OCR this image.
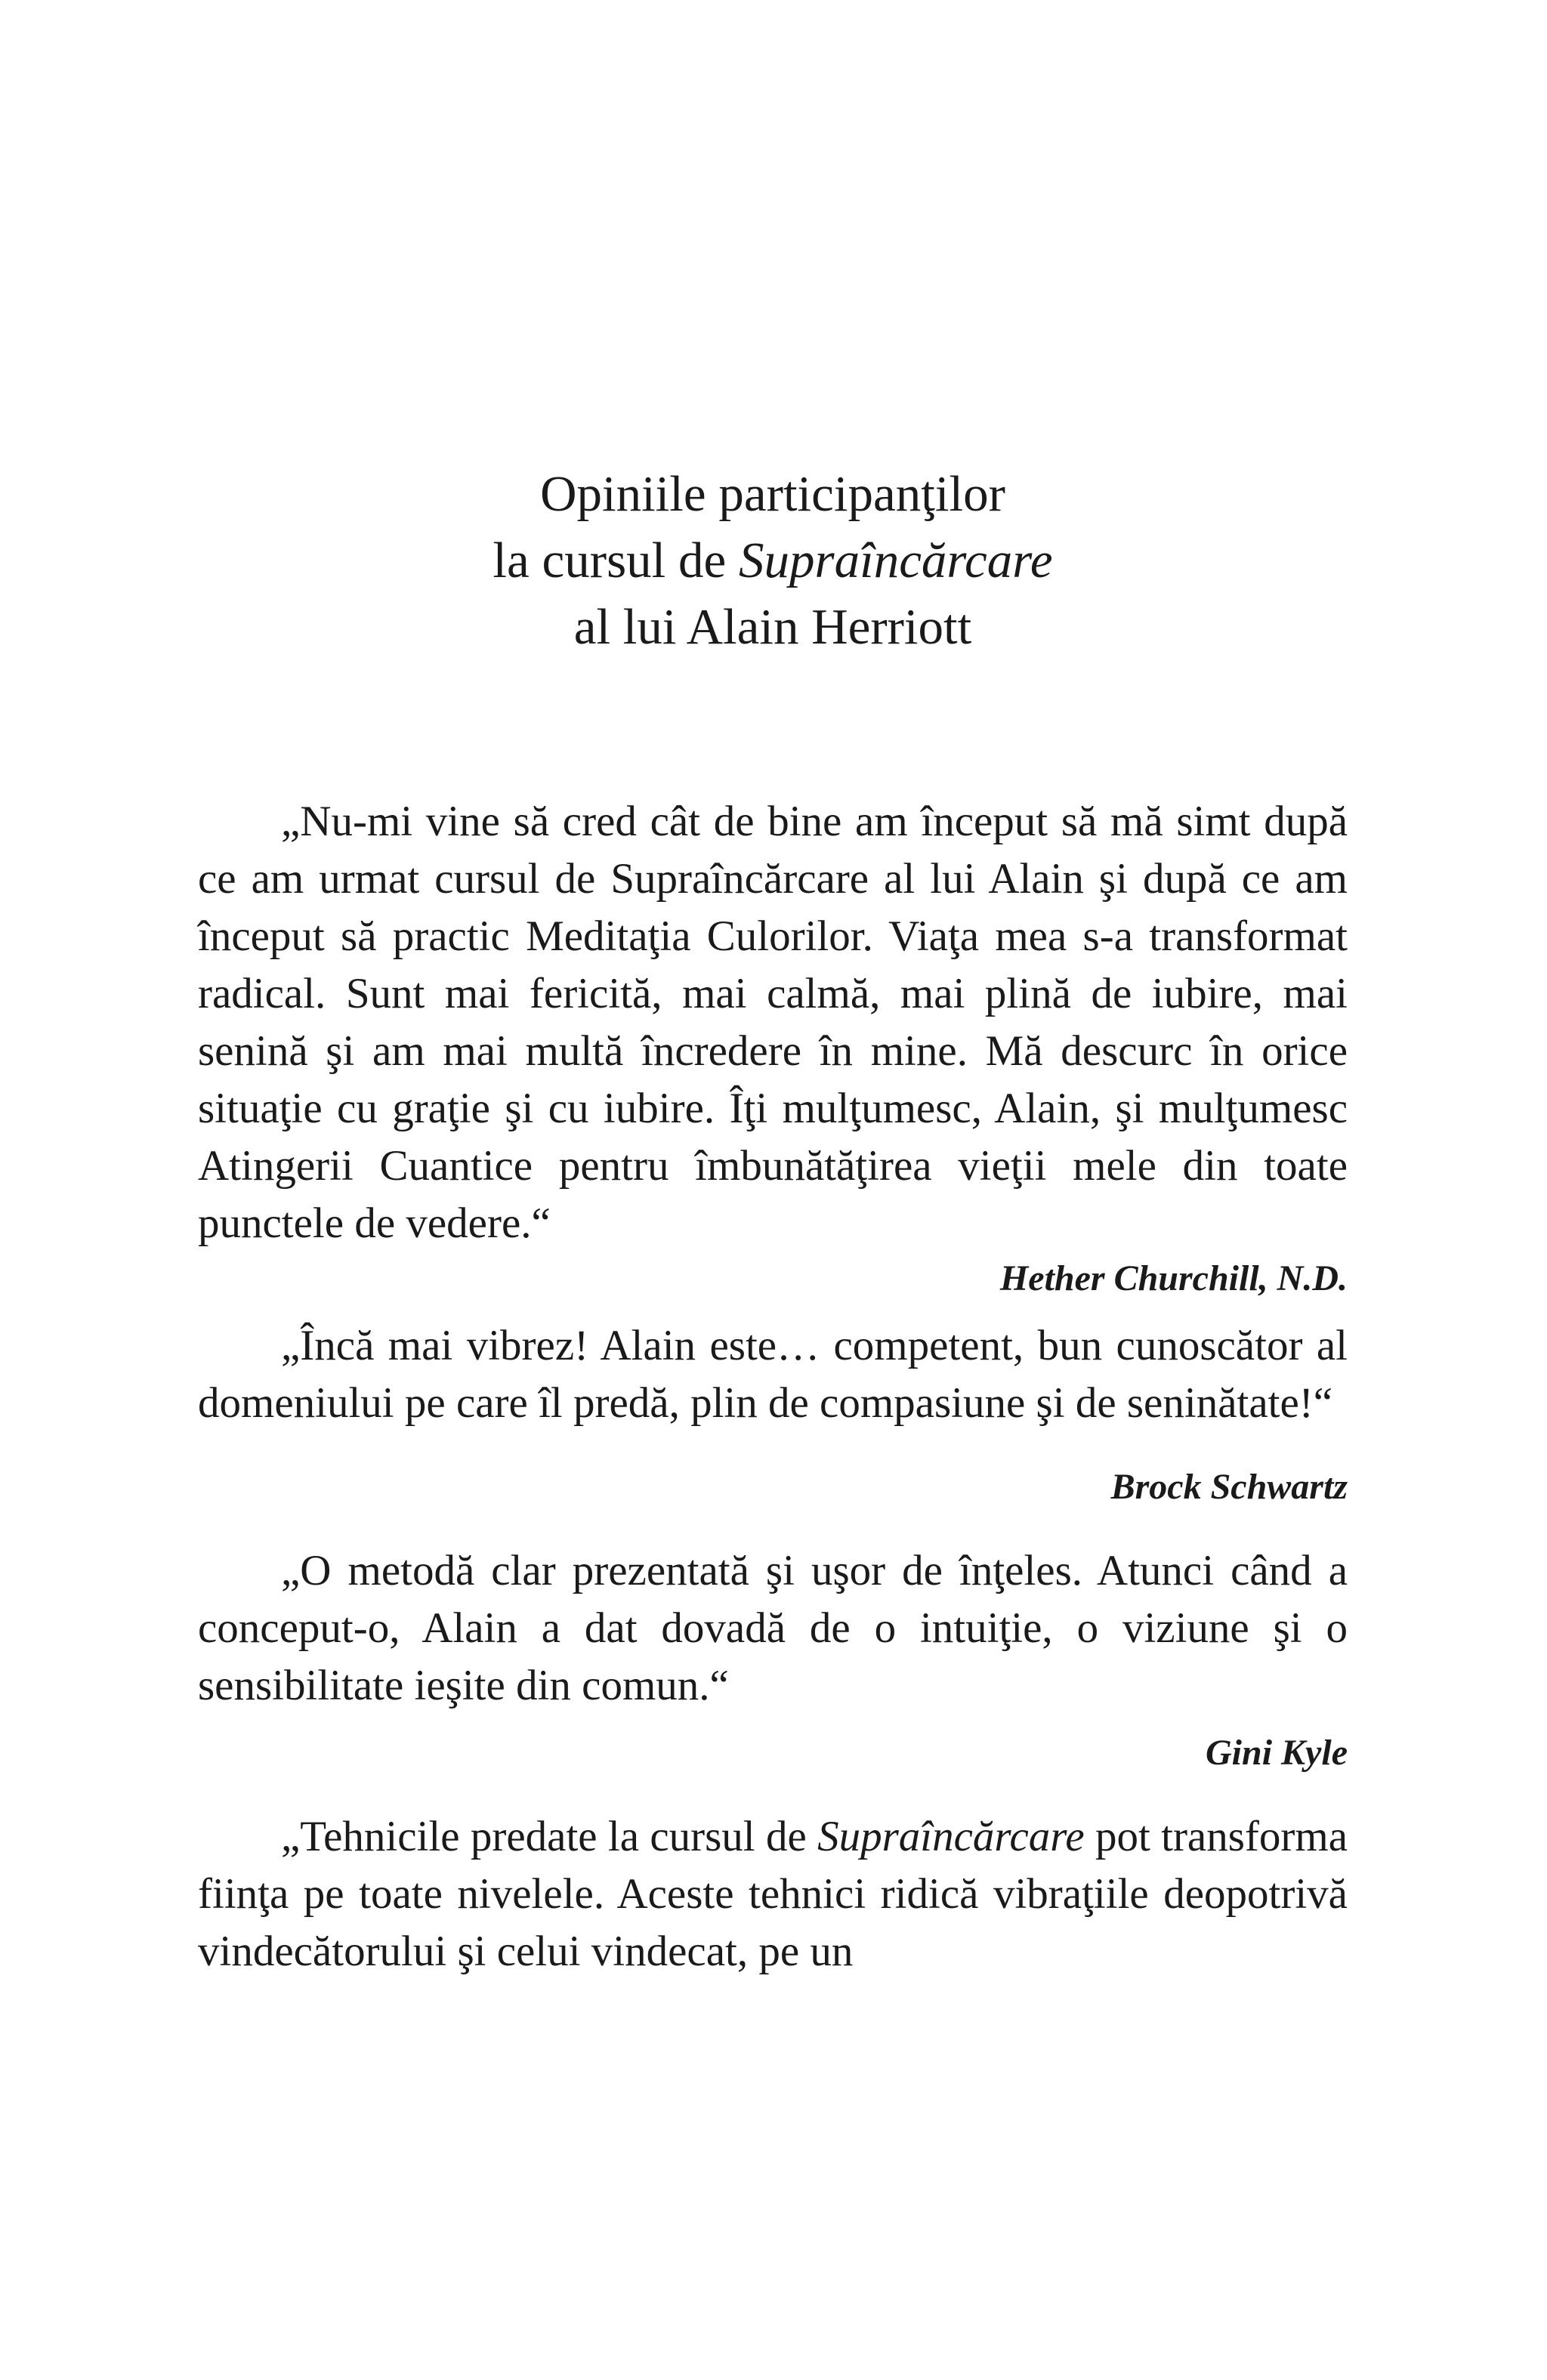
Opiniile participanţilor
la cursul de Supraîncărcare
al lui Alain Herriott

„Nu-mi vine să cred cât de bine am început să mă simt după ce am urmat cursul de Supraîncărcare al lui Alain şi după ce am început să practic Meditaţia Culorilor. Viaţa mea s-a transformat radical. Sunt mai fericită, mai calmă, mai plină de iubire, mai senină şi am mai multă încredere în mine. Mă descurc în orice situaţie cu graţie şi cu iubire. Îţi mulţumesc, Alain, şi mulţumesc Atingerii Cuantice pentru îmbunătăţirea vieţii mele din toate punctele de vedere.“

Hether Churchill, N.D.

„Încă mai vibrez! Alain este… competent, bun cunoscător al domeniului pe care îl predă, plin de compasiune şi de seninătate!“

Brock Schwartz

„O metodă clar prezentată şi uşor de înţeles. Atunci când a conceput-o, Alain a dat dovadă de o intuiţie, o viziune şi o sensibilitate ieşite din comun.“

Gini Kyle

„Tehnicile predate la cursul de Supraîncărcare pot transforma fiinţa pe toate nivelele. Aceste tehnici ridică vibraţiile deopotrivă vindecătorului şi celui vindecat, pe un
